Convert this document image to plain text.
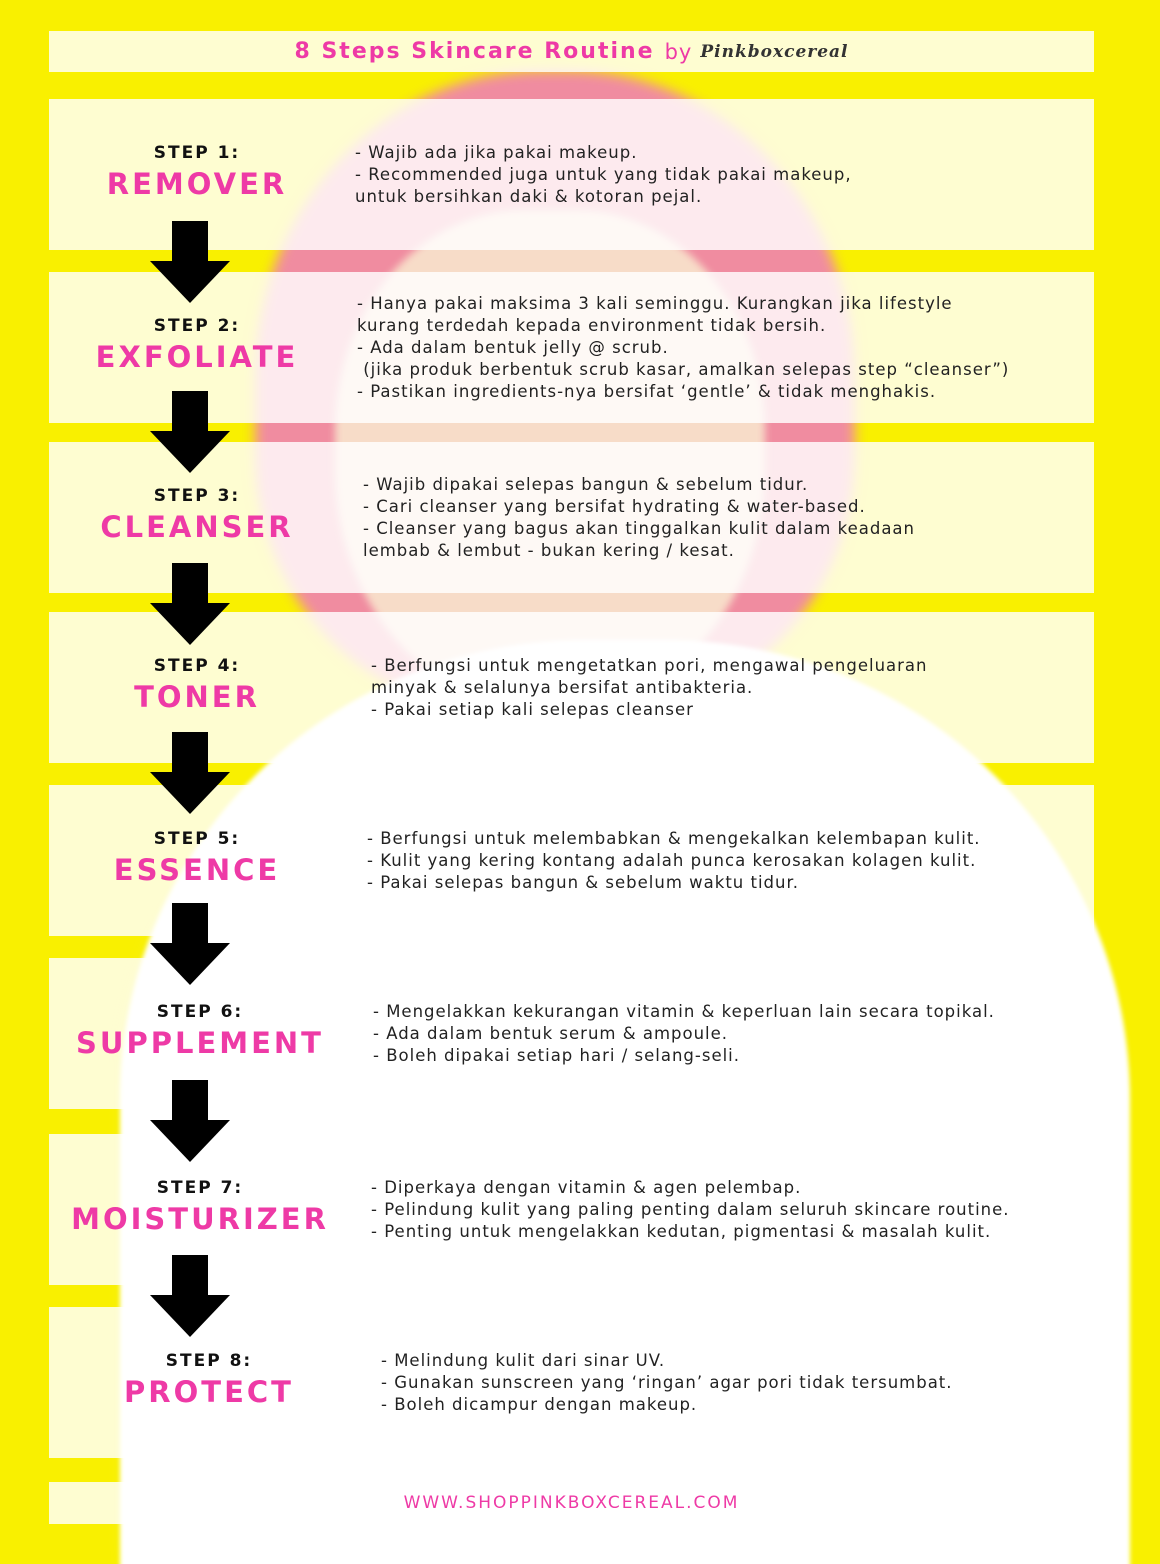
8 Steps Skincare Routine by Pinkboxcereal
STEP 1:
REMOVER
- Wajib ada jika pakai makeup.
- Recommended juga untuk yang tidak pakai makeup,
untuk bersihkan daki & kotoran pejal.
STEP 2:
EXFOLIATE
- Hanya pakai maksima 3 kali seminggu. Kurangkan jika lifestyle
kurang terdedah kepada environment tidak bersih.
- Ada dalam bentuk jelly @ scrub.
(jika produk berbentuk scrub kasar, amalkan selepas step “cleanser”)
- Pastikan ingredients-nya bersifat ‘gentle’ & tidak menghakis.
STEP 3:
CLEANSER
- Wajib dipakai selepas bangun & sebelum tidur.
- Cari cleanser yang bersifat hydrating & water-based.
- Cleanser yang bagus akan tinggalkan kulit dalam keadaan
lembab & lembut - bukan kering / kesat.
STEP 4:
TONER
- Berfungsi untuk mengetatkan pori, mengawal pengeluaran
minyak & selalunya bersifat antibakteria.
- Pakai setiap kali selepas cleanser
STEP 5:
ESSENCE
- Berfungsi untuk melembabkan & mengekalkan kelembapan kulit.
- Kulit yang kering kontang adalah punca kerosakan kolagen kulit.
- Pakai selepas bangun & sebelum waktu tidur.
STEP 6:
SUPPLEMENT
- Mengelakkan kekurangan vitamin & keperluan lain secara topikal.
- Ada dalam bentuk serum & ampoule.
- Boleh dipakai setiap hari / selang-seli.
STEP 7:
MOISTURIZER
- Diperkaya dengan vitamin & agen pelembap.
- Pelindung kulit yang paling penting dalam seluruh skincare routine.
- Penting untuk mengelakkan kedutan, pigmentasi & masalah kulit.
STEP 8:
PROTECT
- Melindung kulit dari sinar UV.
- Gunakan sunscreen yang ‘ringan’ agar pori tidak tersumbat.
- Boleh dicampur dengan makeup.
WWW.SHOPPINKBOXCEREAL.COM
